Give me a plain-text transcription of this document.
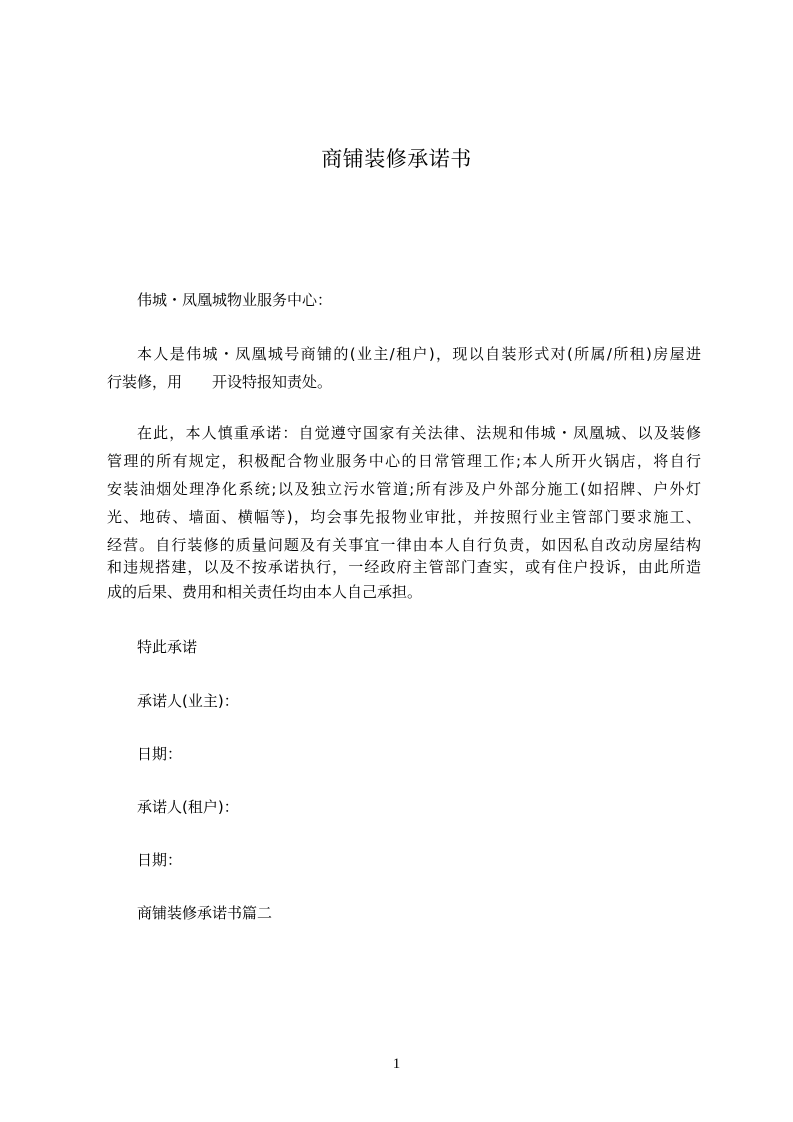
商铺装修承诺书
伟城・凤凰城物业服务中心：
本人是伟城・凤凰城号商铺的(业主/租户)，现以自装形式对(所属/所租)房屋进
行装修，用　　开设特报知责处。
在此，本人慎重承诺：自觉遵守国家有关法律、法规和伟城・凤凰城、以及装修
管理的所有规定，积极配合物业服务中心的日常管理工作;本人所开火锅店，将自行
安装油烟处理净化系统;以及独立污水管道;所有涉及户外部分施工(如招牌、户外灯
光、地砖、墙面、横幅等)，均会事先报物业审批，并按照行业主管部门要求施工、
经营。自行装修的质量问题及有关事宜一律由本人自行负责，如因私自改动房屋结构
和违规搭建，以及不按承诺执行，一经政府主管部门查实，或有住户投诉，由此所造
成的后果、费用和相关责任均由本人自己承担。
特此承诺
承诺人(业主)：
日期：
承诺人(租户)：
日期：
商铺装修承诺书篇二
1
